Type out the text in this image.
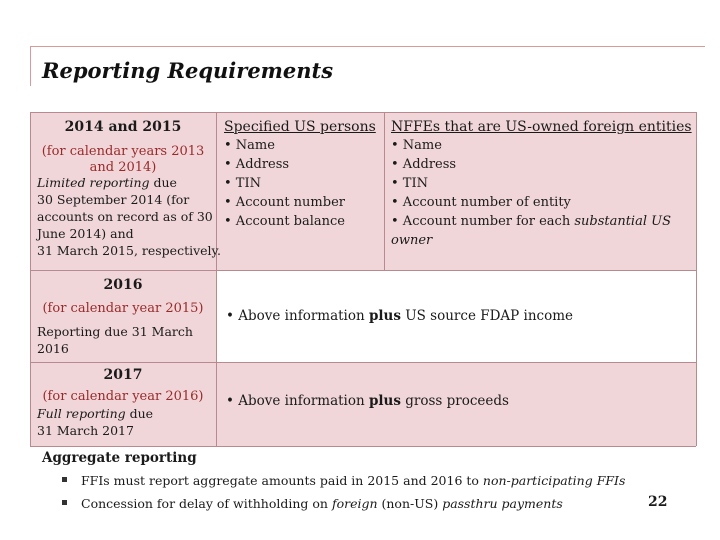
Reporting Requirements
2014 and 2015
(for calendar years 2013
and 2014)
Limited reporting due
30 September 2014 (for
accounts on record as of 30
June 2014) and
31 March 2015, respectively.
Specified US persons
• Name
• Address
• TIN
• Account number
• Account balance
NFFEs that are US-owned foreign entities
• Name
• Address
• TIN
• Account number of entity
• Account number for each substantial US
owner
2016
(for calendar year 2015)
Reporting due 31 March
2016
• Above information plus US source FDAP income
2017
(for calendar year 2016)
Full reporting due
31 March 2017
• Above information plus gross proceeds
Aggregate reporting
FFIs must report aggregate amounts paid in 2015 and 2016 to non-participating FFIs
Concession for delay of withholding on foreign (non-US) passthru payments	22
